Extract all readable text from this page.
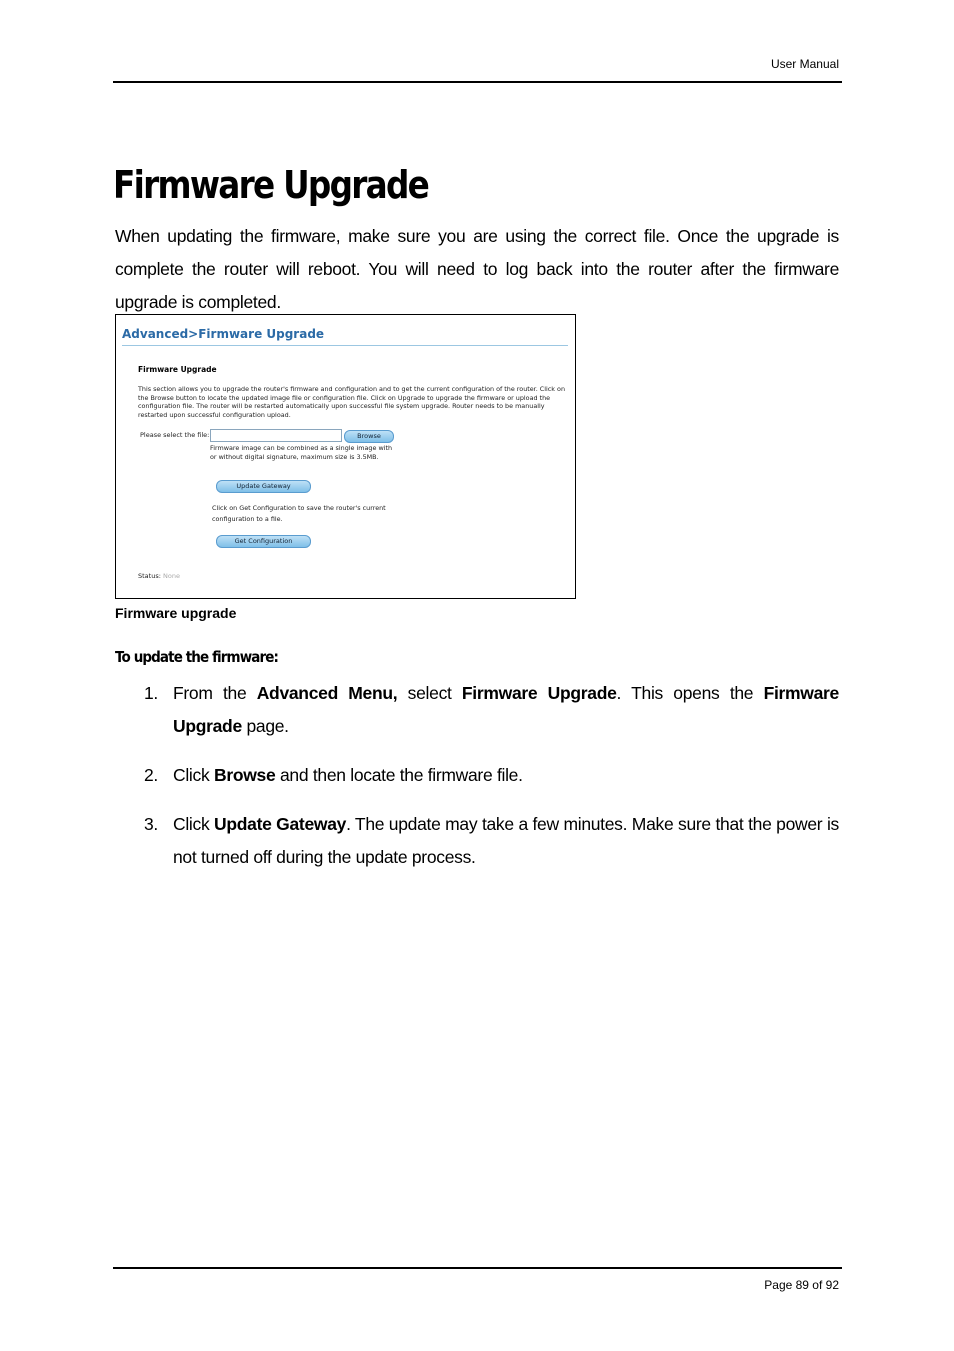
User Manual
Firmware Upgrade

When updating the firmware, make sure you are using the correct file. Once the upgrade is complete the router will reboot. You will need to log back into the router after the firmware upgrade is completed.

Advanced>Firmware Upgrade
Firmware Upgrade
This section allows you to upgrade the router's firmware and configuration and to get the current configuration of the router. Click on the Browse button to locate the updated image file or configuration file. Click on Upgrade to upgrade the firmware or upload the configuration file. The router will be restarted automatically upon successful file system upgrade. Router needs to be manually restarted upon successful configuration upload.
Please select the file:	Browse
Firmware image can be combined as a single image with or without digital signature, maximum size is 3.5MB.
Update Gateway
Click on Get Configuration to save the router's current configuration to a file.
Get Configuration
Status: None
Firmware upgrade
To update the firmware:
1. From the Advanced Menu, select Firmware Upgrade. This opens the Firmware Upgrade page.
2. Click Browse and then locate the firmware file.
3. Click Update Gateway. The update may take a few minutes. Make sure that the power is not turned off during the update process.
Page 89 of 92
